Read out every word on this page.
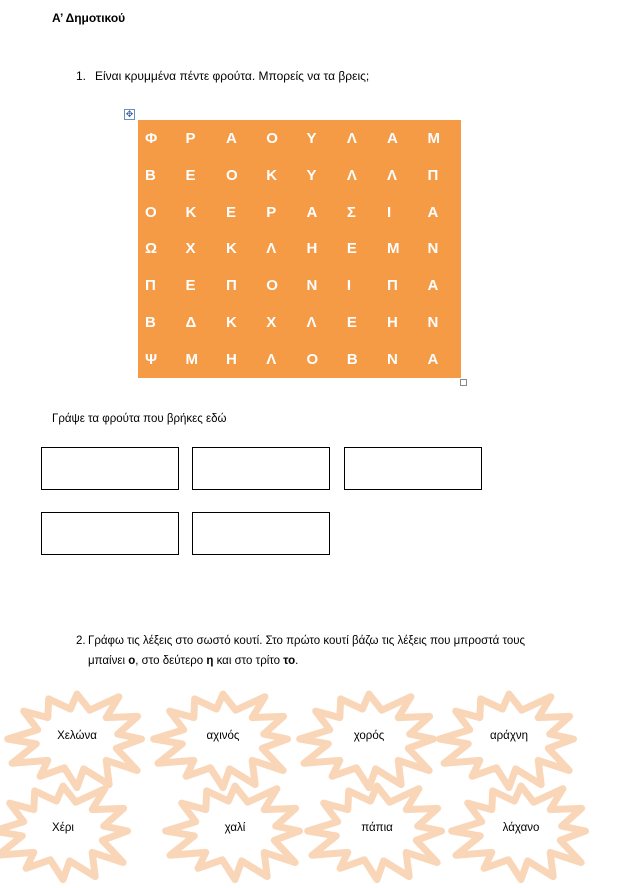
Α’ Δημοτικού
1. Είναι κρυμμένα πέντε φρούτα. Μπορείς να τα βρεις;
✥
Φ	Ρ	Α	Ο	Υ	Λ	Α	Μ
Β	Ε	Ο	Κ	Υ	Λ	Λ	Π
Ο	Κ	Ε	Ρ	Α	Σ	Ι	Α
Ω	Χ	Κ	Λ	Η	Ε	Μ	Ν
Π	Ε	Π	Ο	Ν	Ι	Π	Α
Β	Δ	Κ	Χ	Λ	Ε	Η	Ν
Ψ	Μ	Η	Λ	Ο	Β	Ν	Α
Γράψε τα φρούτα που βρήκες εδώ
2. Γράφω τις λέξεις στο σωστό κουτί. Στο πρώτο κουτί βάζω τις λέξεις που μπροστά τους μπαίνει ο, στο δεύτερο η και στο τρίτο το.
Χελώνα	αχινός	χορός	αράχνη
Χέρι	χαλί	πάπια	λάχανο
